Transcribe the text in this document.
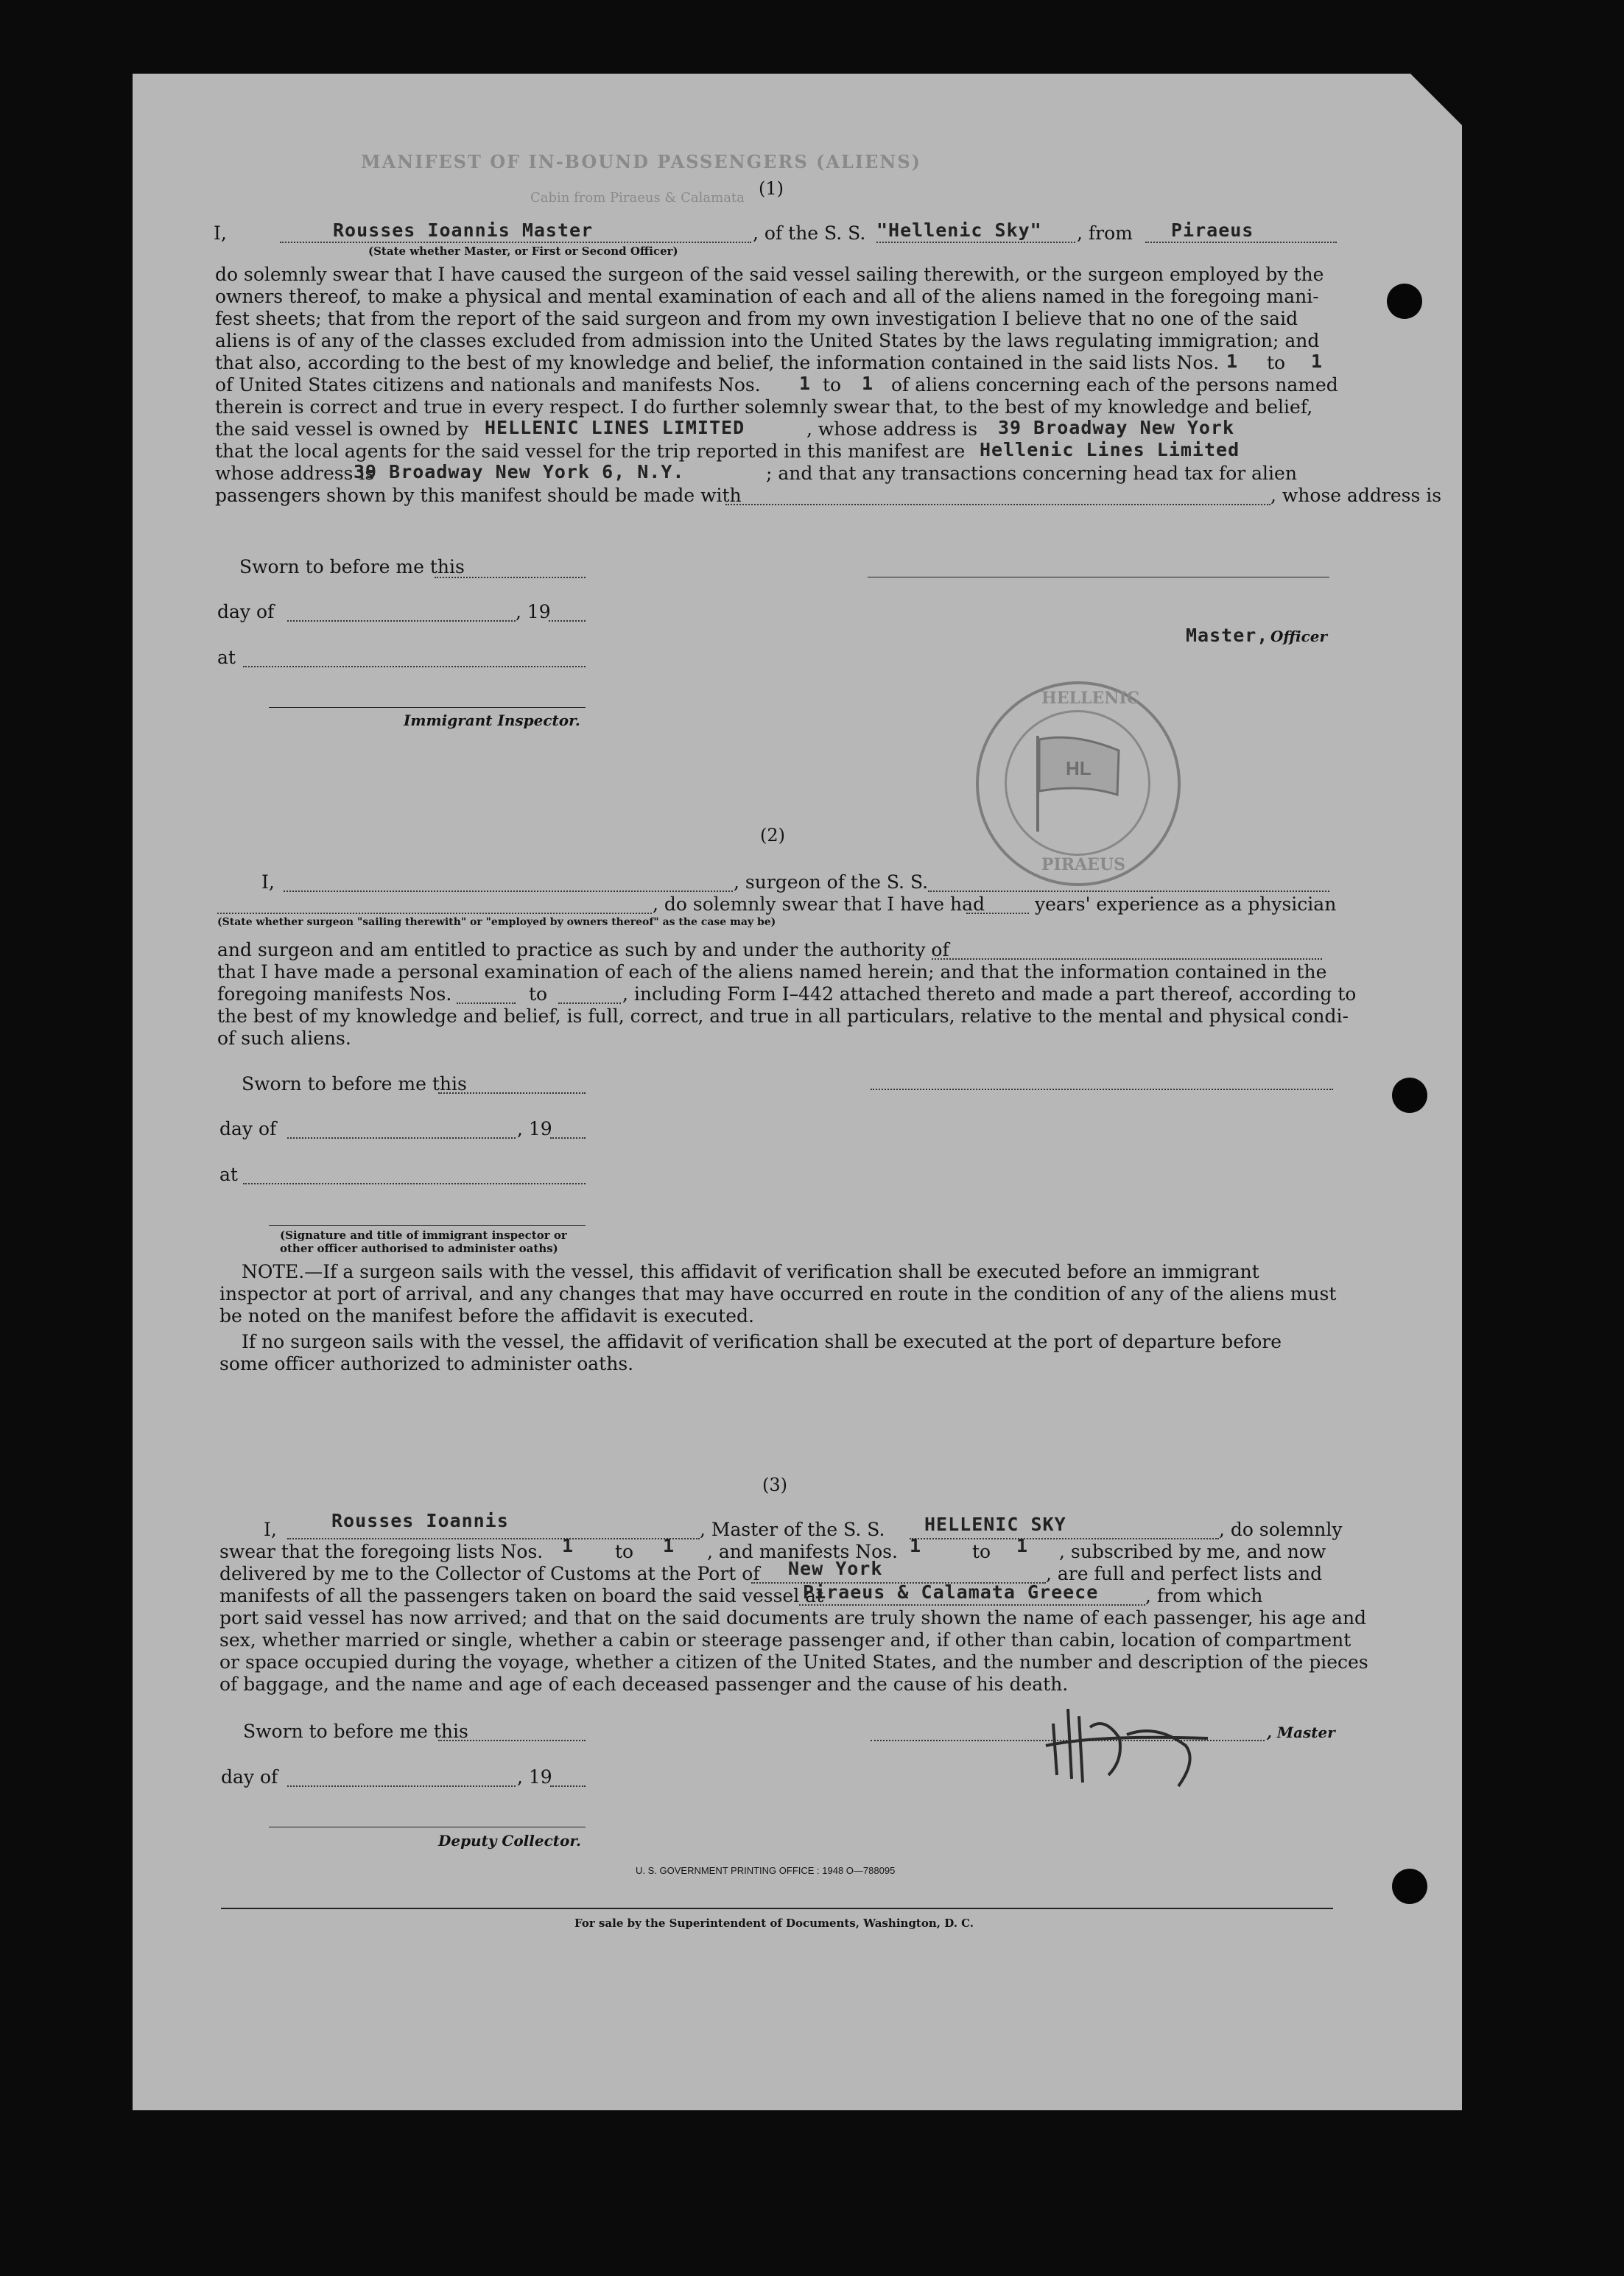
MANIFEST OF IN-BOUND PASSENGERS (ALIENS)

Cabin from Piraeus & Calamata (1)

I,	Rousses Ioannis Master	, of the S. S. "Hellenic Sky" , from Piraeus

(State whether Master, or First or Second Officer)

do solemnly swear that I have caused the surgeon of the said vessel sailing therewith, or the surgeon employed by the

owners thereof, to make a physical and mental examination of each and all of the aliens named in the foregoing mani-

fest sheets; that from the report of the said surgeon and from my own investigation I believe that no one of the said

aliens is of any of the classes excluded from admission into the United States by the laws regulating immigration; and

that also, according to the best of my knowledge and belief, the information contained in the said lists Nos. 1 to 1

of United States citizens and nationals and manifests Nos. 1 to 1 of aliens concerning each of the persons named

therein is correct and true in every respect. I do further solemnly swear that, to the best of my knowledge and belief,

the said vessel is owned by HELLENIC LINES LIMITED	, whose address is 39 Broadway New York

that the local agents for the said vessel for the trip reported in this manifest are Hellenic Lines Limited

whose address is

39 Broadway New York 6, N.Y.	; and that any transactions concerning head tax for alien

passengers shown by this manifest should be made with	, whose address is

Sworn to before me this

day of	, 19

at

Immigrant Inspector.

Master, Officer

HELLENIC

PIRAEUS

HL

(2)

I,	, surgeon of the S. S.

, do solemnly swear that I have had	years' experience as a physician

(State whether surgeon "sailing therewith" or "employed by owners thereof" as the case may be)

and surgeon and am entitled to practice as such by and under the authority of

that I have made a personal examination of each of the aliens named herein; and that the information contained in the

foregoing manifests Nos.	to	, including Form I–442 attached thereto and made a part thereof, according to

the best of my knowledge and belief, is full, correct, and true in all particulars, relative to the mental and physical condi-

of such aliens.

Sworn to before me this

day of	, 19

at

(Signature and title of immigrant inspector or

other officer authorised to administer oaths)

NOTE.—If a surgeon sails with the vessel, this affidavit of verification shall be executed before an immigrant

inspector at port of arrival, and any changes that may have occurred en route in the condition of any of the aliens must

be noted on the manifest before the affidavit is executed.

If no surgeon sails with the vessel, the affidavit of verification shall be executed at the port of departure before

some officer authorized to administer oaths.

(3)

I,	Rousses Ioannis	, Master of the S. S. HELLENIC SKY	, do solemnly

swear that the foregoing lists Nos. 1 to 1 , and manifests Nos. 1	to 1 , subscribed by me, and now

delivered by me to the Collector of Customs at the Port of New York	, are full and perfect lists and

manifests of all the passengers taken on board the said vessel at

Piraeus & Calamata Greece	, from which

port said vessel has now arrived; and that on the said documents are truly shown the name of each passenger, his age and

sex, whether married or single, whether a cabin or steerage passenger and, if other than cabin, location of compartment

or space occupied during the voyage, whether a citizen of the United States, and the number and description of the pieces

of baggage, and the name and age of each deceased passenger and the cause of his death.

Sworn to before me this	, Master

day of	, 19

Deputy Collector.

U. S. GOVERNMENT PRINTING OFFICE : 1948 O—788095

For sale by the Superintendent of Documents, Washington, D. C.
